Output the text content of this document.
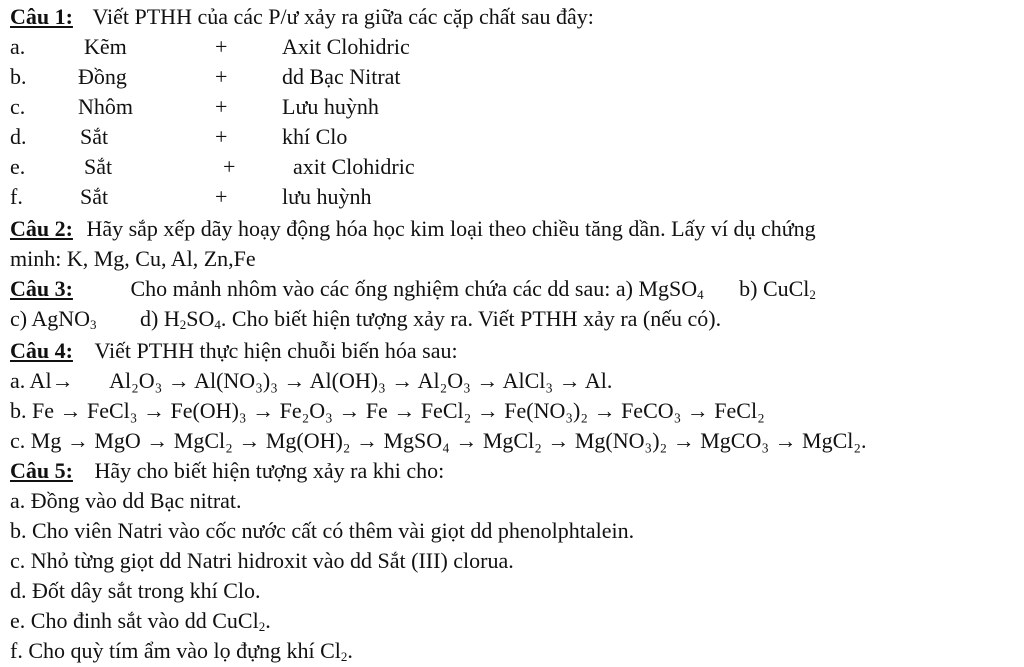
Câu 1: Viết PTHH của các P/ư xảy ra giữa các cặp chất sau đây:
a.	Kẽm	+ Axit Clohidric
b. Đồng	+ dd Bạc Nitrat
c. Nhôm	+ Lưu huỳnh
d. Sắt	+ khí Clo
e.	Sắt	+	axit Clohidric
f.	Sắt	+ lưu huỳnh
Câu 2: Hãy sắp xếp dãy hoạy động hóa học kim loại theo chiều tăng dần. Lấy ví dụ chứng
minh: K, Mg, Cu, Al, Zn,Fe
Câu 3:	Cho mảnh nhôm vào các ống nghiệm chứa các dd sau: a) MgSO$_4$ b) CuCl$_2$
c) AgNO$_3$ d) $H_2SO_4$. Cho biết hiện tượng xảy ra. Viết PTHH xảy ra (nếu có).
Câu 4: Viết PTHH thực hiện chuỗi biến hóa sau:
a. Al→ Al₂O₃ → Al(NO₃)₃ → Al(OH)₃ → Al₂O₃ → AlCl₃ → Al.
b. Fe → FeCl₃ → Fe(OH)₃ → Fe₂O₃ → Fe → FeCl₂ → Fe(NO₃)₂ → FeCO₃ → FeCl₂
c. Mg → MgO → MgCl₂ → Mg(OH)₂ → MgSO₄ → MgCl₂ → Mg(NO₃)₂ → MgCO₃ → MgCl₂.
Câu 5: Hãy cho biết hiện tượng xảy ra khi cho:
a. Đồng vào dd Bạc nitrat.
b. Cho viên Natri vào cốc nước cất có thêm vài giọt dd phenolphtalein.
c. Nhỏ từng giọt dd Natri hidroxit vào dd Sắt (III) clorua.
d. Đốt dây sắt trong khí Clo.
e. Cho đinh sắt vào dd CuCl$_2$.
f. Cho quỳ tím ẩm vào lọ đựng khí $Cl_2$.
